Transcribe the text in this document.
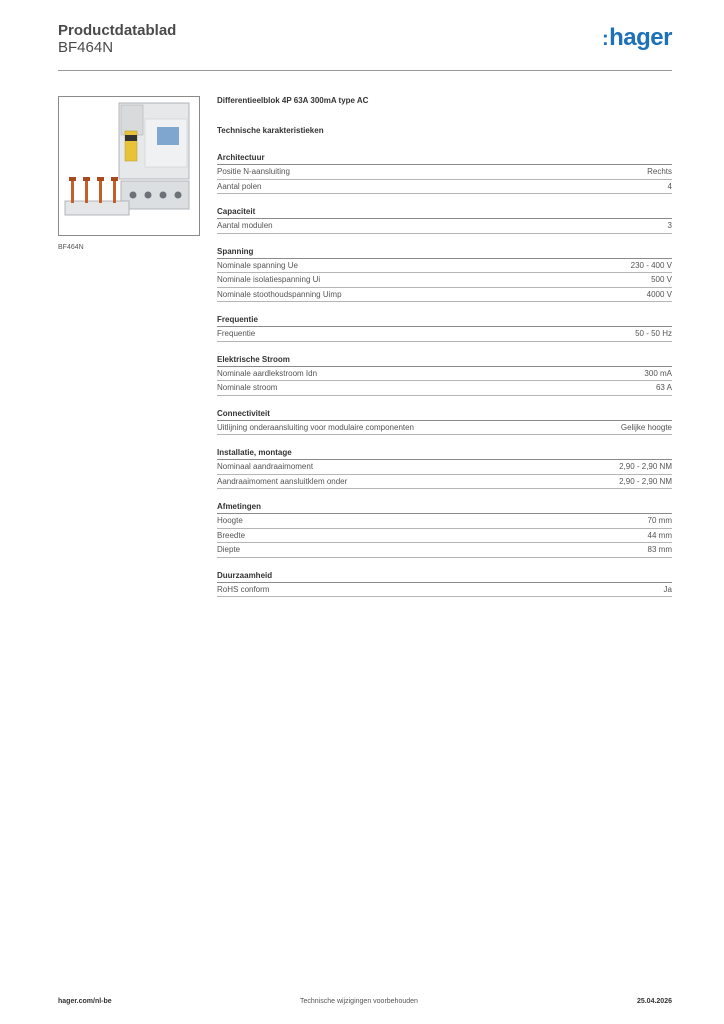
Productdatablad
BF464N	:hager
BF464N
Differentieelblok 4P 63A 300mA type AC
Technische karakteristieken
Architectuur
Positie N-aansluiting	Rechts
Aantal polen	4
Capaciteit
Aantal modulen	3
Spanning
Nominale spanning Ue	230 - 400 V
Nominale isolatiespanning Ui	500 V
Nominale stoothoudspanning Uimp	4000 V
Frequentie
Frequentie	50 - 50 Hz
Elektrische Stroom
Nominale aardlekstroom Idn	300 mA
Nominale stroom	63 A
Connectiviteit
Uitlijning onderaansluiting voor modulaire componenten	Gelijke hoogte
Installatie, montage
Nominaal aandraaimoment	2,90 - 2,90 NM
Aandraaimoment aansluitklem onder	2,90 - 2,90 NM
Afmetingen
Hoogte	70 mm
Breedte	44 mm
Diepte	83 mm
Duurzaamheid
RoHS conform	Ja
hager.com/nl-be	Technische wijzigingen voorbehouden	25.04.2026
